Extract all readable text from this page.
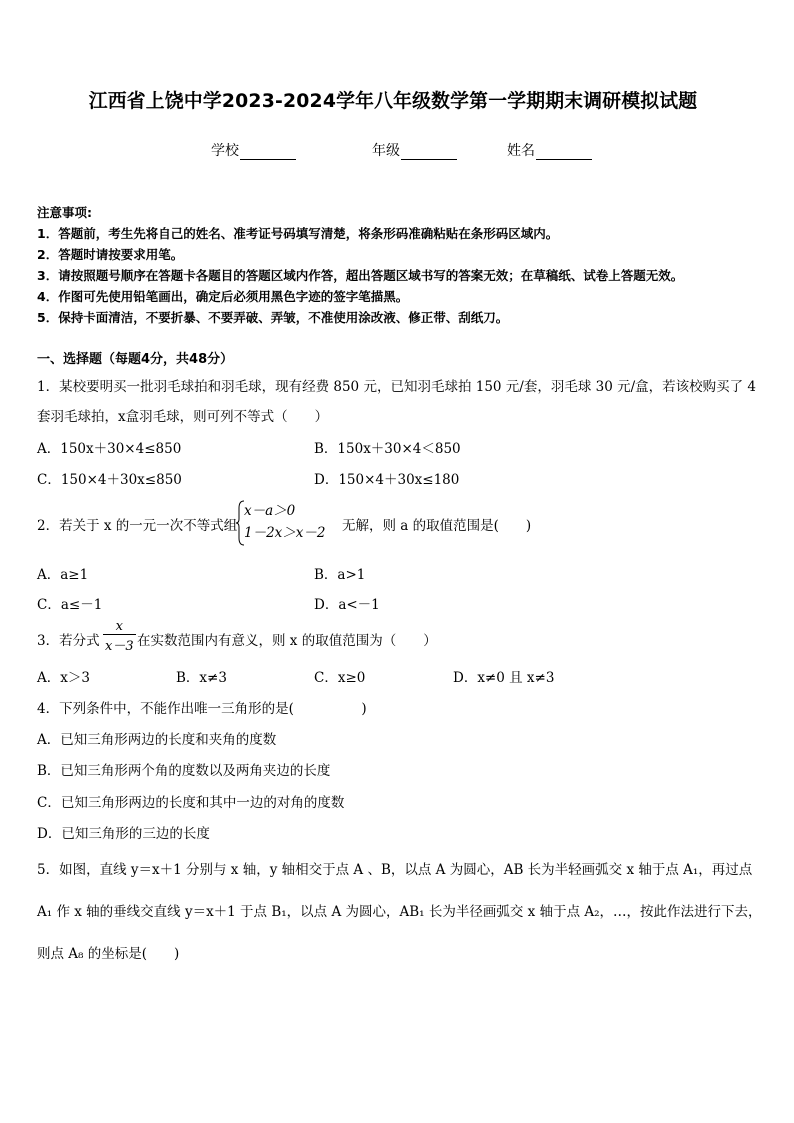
江西省上饶中学2023-2024学年八年级数学第一学期期末调研模拟试题
学校	年级	姓名
注意事项:
1．答题前，考生先将自己的姓名、准考证号码填写清楚，将条形码准确粘贴在条形码区域内。
2．答题时请按要求用笔。
3．请按照题号顺序在答题卡各题目的答题区域内作答，超出答题区域书写的答案无效；在草稿纸、试卷上答题无效。
4．作图可先使用铅笔画出，确定后必须用黑色字迹的签字笔描黑。
5．保持卡面清洁，不要折暴、不要弄破、弄皱，不准使用涂改液、修正带、刮纸刀。
一、选择题（每题4分，共48分）
1．某校要明买一批羽毛球拍和羽毛球，现有经费 850 元，已知羽毛球拍 150 元/套，羽毛球 30 元/盒，若该校购买了 4
套羽毛球拍，x盒羽毛球，则可列不等式（　　）
A．150x＋30×4≤850	B．150x＋30×4＜850
C．150×4＋30x≤850	D．150×4＋30x≤180
2．若关于 x 的一元一次不等式组
x－a＞0
1－2x＞x－2 无解，则 a 的取值范围是(　　)
A．a≥1	B．a>1
C．a≤－1	D．a<－1
3．若分式 $\frac{x}{x-3}$ 在实数范围内有意义，则 x 的取值范围为（　　）
A．x＞3	B．x≠3	C．x≥0	D．x≠0 且 x≠3
4．下列条件中，不能作出唯一三角形的是(　　　　　)
A．已知三角形两边的长度和夹角的度数
B．已知三角形两个角的度数以及两角夹边的长度
C．已知三角形两边的长度和其中一边的对角的度数
D．已知三角形的三边的长度
5．如图，直线 y＝x＋1 分别与 x 轴，y 轴相交于点 A 、B，以点 A 为圆心，AB 长为半轻画弧交 x 轴于点 A₁，再过点
A₁ 作 x 轴的垂线交直线 y＝x＋1 于点 B₁，以点 A 为圆心，AB₁ 长为半径画弧交 x 轴于点 A₂，…，按此作法进行下去，
则点 A₈ 的坐标是(　　)
